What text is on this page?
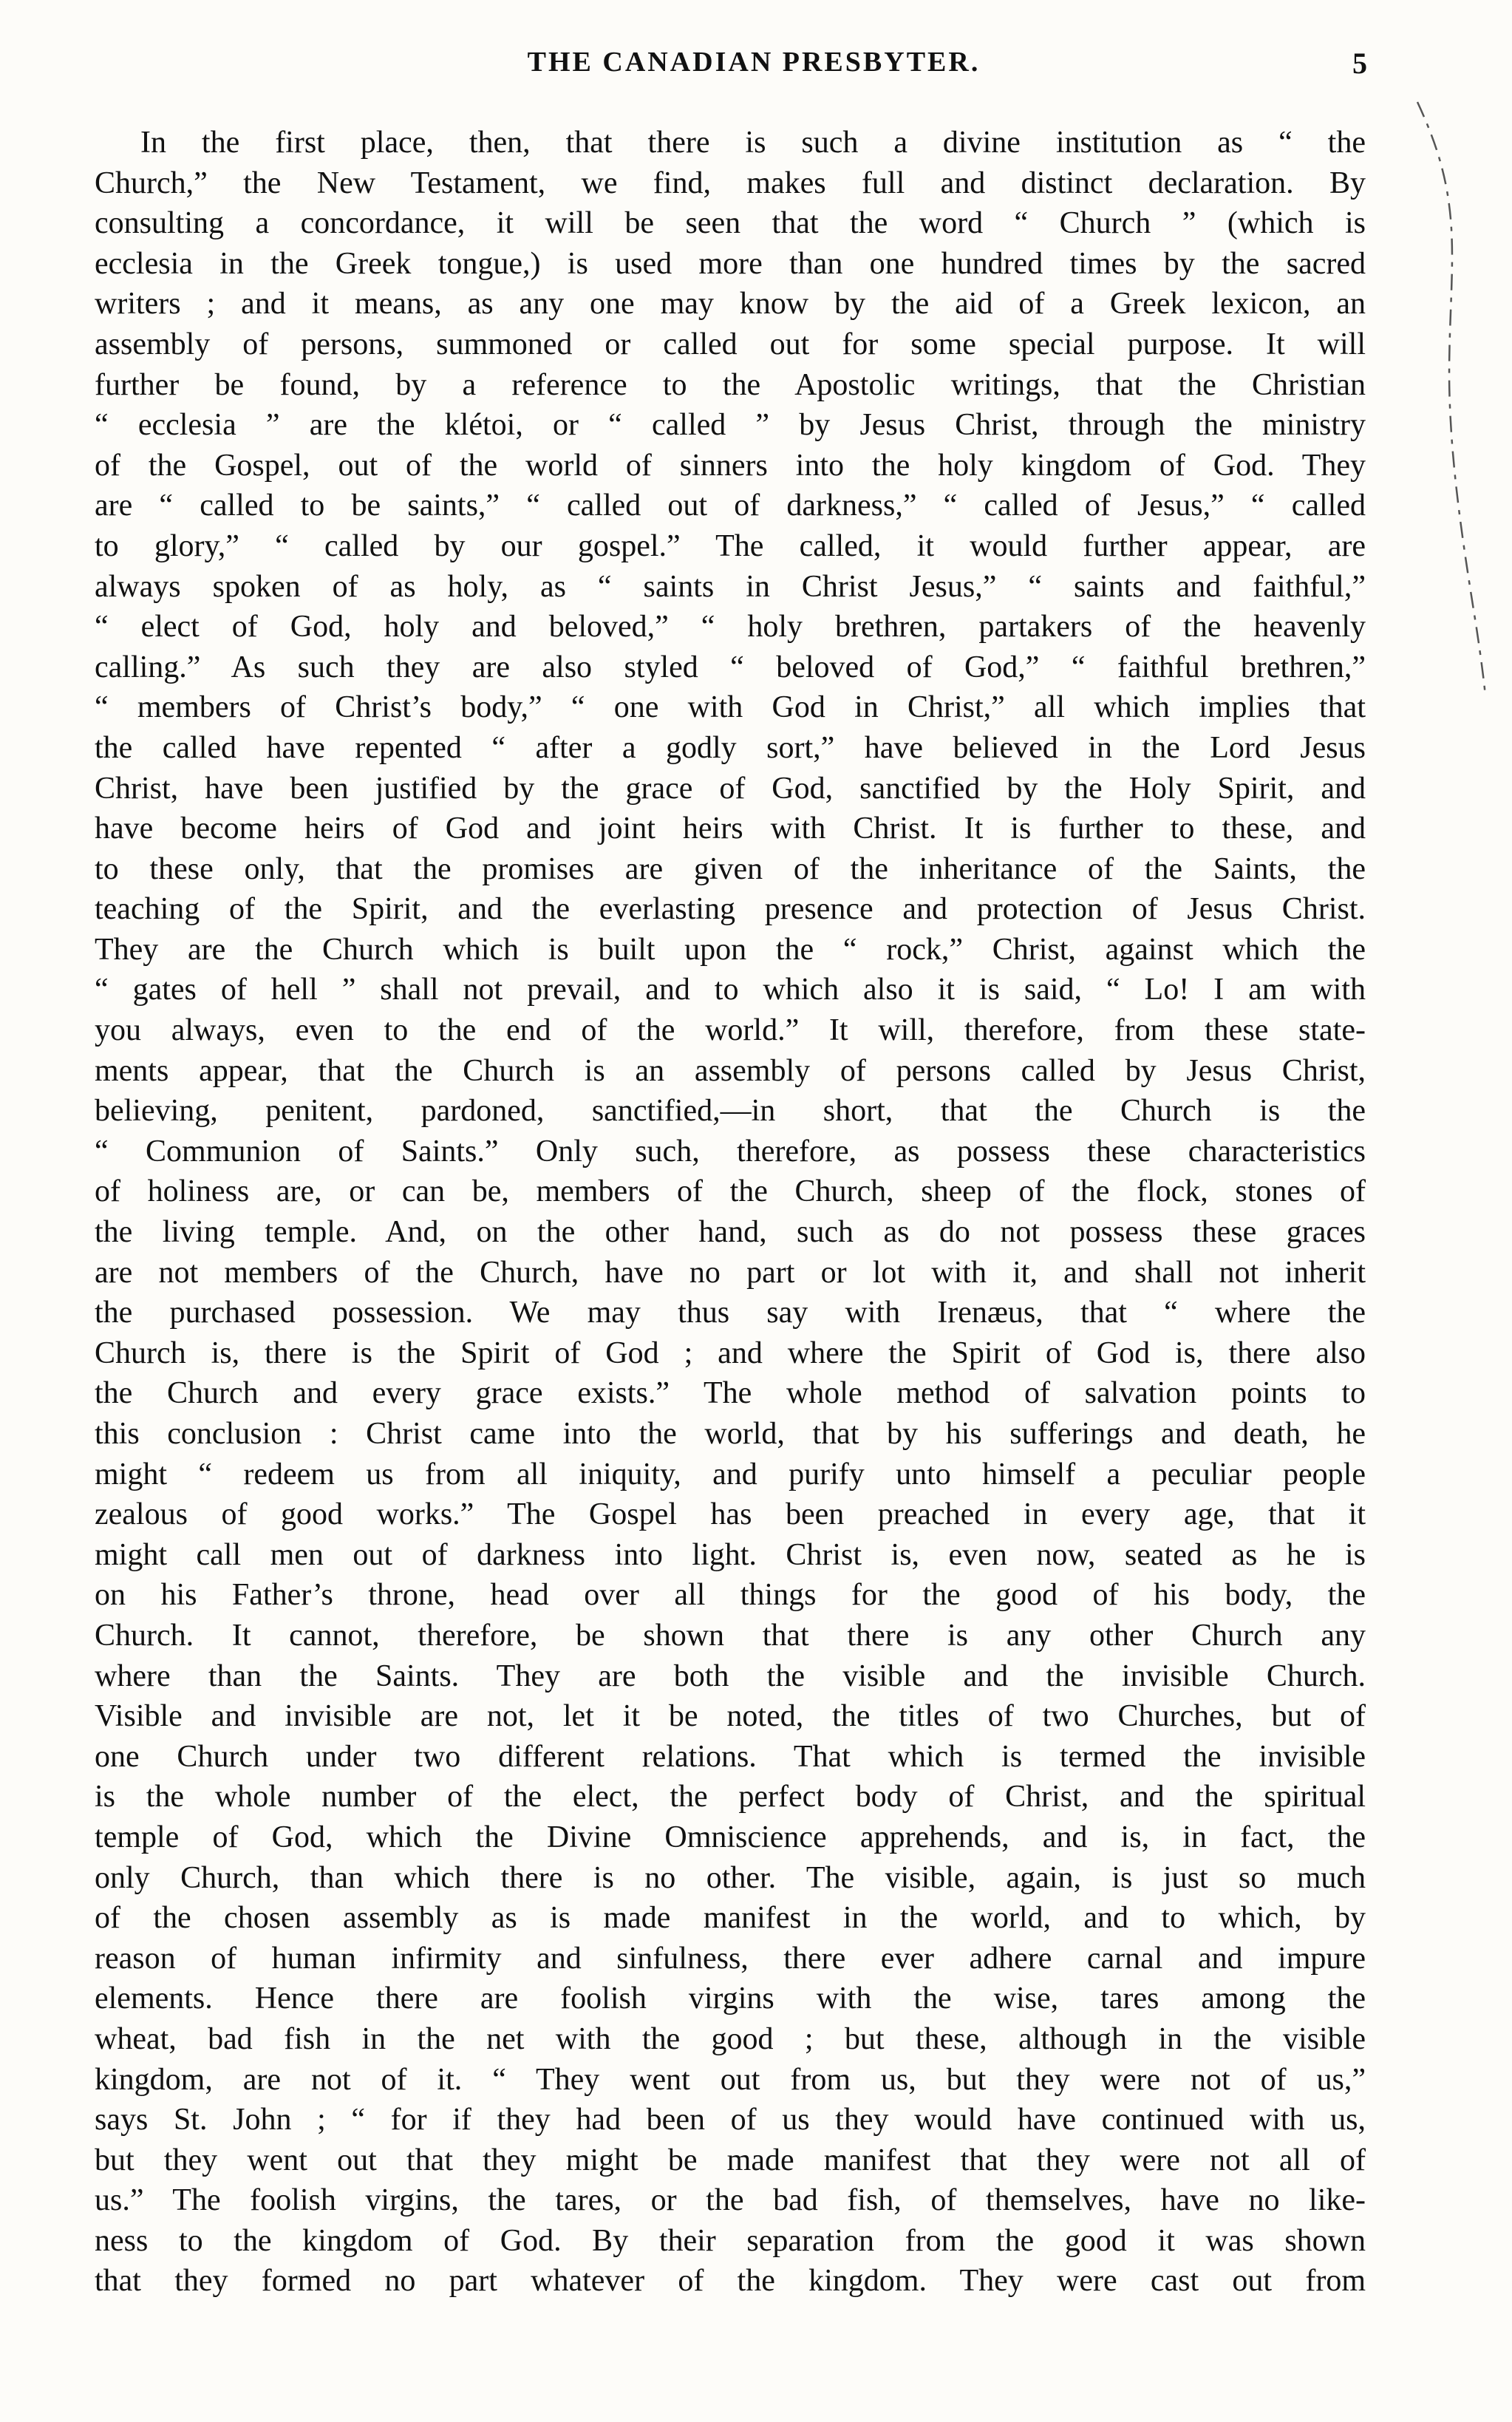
THE CANADIAN PRESBYTER.	5
In the first place, then, that there is such a divine institution as “ the
Church,” the New Testament, we find, makes full and distinct declaration. By
consulting a concordance, it will be seen that the word “ Church ” (which is
ecclesia in the Greek tongue,) is used more than one hundred times by the sacred
writers ; and it means, as any one may know by the aid of a Greek lexicon, an
assembly of persons, summoned or called out for some special purpose. It will
further be found, by a reference to the Apostolic writings, that the Christian
“ ecclesia ” are the klétoi, or “ called ” by Jesus Christ, through the ministry
of the Gospel, out of the world of sinners into the holy kingdom of God. They
are “ called to be saints,” “ called out of darkness,” “ called of Jesus,” “ called
to glory,” “ called by our gospel.” The called, it would further appear, are
always spoken of as holy, as “ saints in Christ Jesus,” “ saints and faithful,”
“ elect of God, holy and beloved,” “ holy brethren, partakers of the heavenly
calling.” As such they are also styled “ beloved of God,” “ faithful brethren,”
“ members of Christ’s body,” “ one with God in Christ,” all which implies that
the called have repented “ after a godly sort,” have believed in the Lord Jesus
Christ, have been justified by the grace of God, sanctified by the Holy Spirit, and
have become heirs of God and joint heirs with Christ. It is further to these, and
to these only, that the promises are given of the inheritance of the Saints, the
teaching of the Spirit, and the everlasting presence and protection of Jesus Christ.
They are the Church which is built upon the “ rock,” Christ, against which the
“ gates of hell ” shall not prevail, and to which also it is said, “ Lo! I am with
you always, even to the end of the world.” It will, therefore, from these state-
ments appear, that the Church is an assembly of persons called by Jesus Christ,
believing, penitent, pardoned, sanctified,—in short, that the Church is the
“ Communion of Saints.” Only such, therefore, as possess these characteristics
of holiness are, or can be, members of the Church, sheep of the flock, stones of
the living temple. And, on the other hand, such as do not possess these graces
are not members of the Church, have no part or lot with it, and shall not inherit
the purchased possession. We may thus say with Irenæus, that “ where the
Church is, there is the Spirit of God ; and where the Spirit of God is, there also
the Church and every grace exists.” The whole method of salvation points to
this conclusion : Christ came into the world, that by his sufferings and death, he
might “ redeem us from all iniquity, and purify unto himself a peculiar people
zealous of good works.” The Gospel has been preached in every age, that it
might call men out of darkness into light. Christ is, even now, seated as he is
on his Father’s throne, head over all things for the good of his body, the
Church. It cannot, therefore, be shown that there is any other Church any
where than the Saints. They are both the visible and the invisible Church.
Visible and invisible are not, let it be noted, the titles of two Churches, but of
one Church under two different relations. That which is termed the invisible
is the whole number of the elect, the perfect body of Christ, and the spiritual
temple of God, which the Divine Omniscience apprehends, and is, in fact, the
only Church, than which there is no other. The visible, again, is just so much
of the chosen assembly as is made manifest in the world, and to which, by
reason of human infirmity and sinfulness, there ever adhere carnal and impure
elements. Hence there are foolish virgins with the wise, tares among the
wheat, bad fish in the net with the good ; but these, although in the visible
kingdom, are not of it. “ They went out from us, but they were not of us,”
says St. John ; “ for if they had been of us they would have continued with us,
but they went out that they might be made manifest that they were not all of
us.” The foolish virgins, the tares, or the bad fish, of themselves, have no like-
ness to the kingdom of God. By their separation from the good it was shown
that they formed no part whatever of the kingdom. They were cast out from
